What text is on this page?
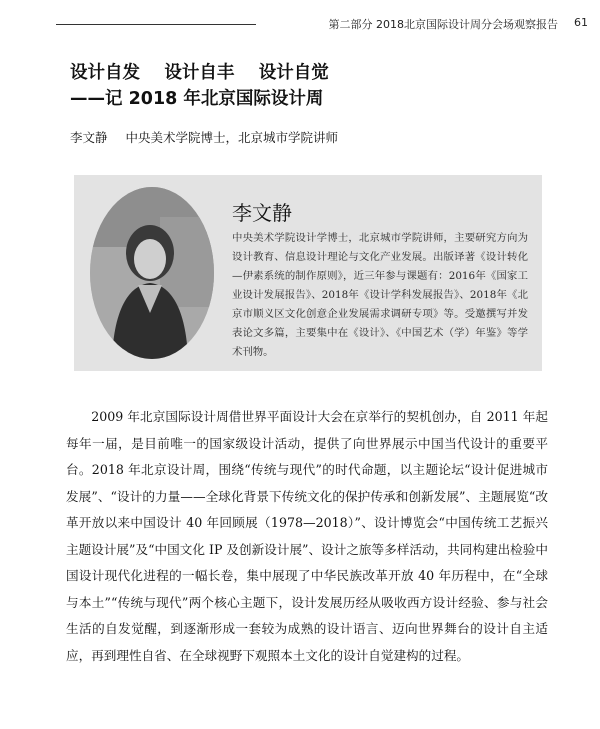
第二部分 2018北京国际设计周分会场观察报告 61
设计自发    设计自丰    设计自觉
——记 2018 年北京国际设计周
李文静 中央美术学院博士，北京城市学院讲师
李文静

中央美术学院设计学博士，北京城市学院讲师，主要研究方向为设计教育、信息设计理论与文化产业发展。出版译著《设计转化—伊素系统的制作原则》，近三年参与课题有：2016年《国家工业设计发展报告》、2018年《设计学科发展报告》、2018年《北京市顺义区文化创意企业发展需求调研专项》等。受邀撰写并发表论文多篇，主要集中在《设计》、《中国艺术（学）年鉴》等学术刊物。

2009 年北京国际设计周借世界平面设计大会在京举行的契机创办，自 2011 年起每年一届，是目前唯一的国家级设计活动，提供了向世界展示中国当代设计的重要平台。2018 年北京设计周，围绕“传统与现代”的时代命题，以主题论坛“设计促进城市发展”、“设计的力量——全球化背景下传统文化的保护传承和创新发展”、主题展览“改革开放以来中国设计 40 年回顾展（1978—2018）”、设计博览会“中国传统工艺振兴主题设计展”及“中国文化 IP 及创新设计展”、设计之旅等多样活动，共同构建出检验中国设计现代化进程的一幅长卷，集中展现了中华民族改革开放 40 年历程中，在“全球与本土”“传统与现代”两个核心主题下，设计发展历经从吸收西方设计经验、参与社会生活的自发觉醒，到逐渐形成一套较为成熟的设计语言、迈向世界舞台的设计自主适应，再到理性自省、在全球视野下观照本土文化的设计自觉建构的过程。
